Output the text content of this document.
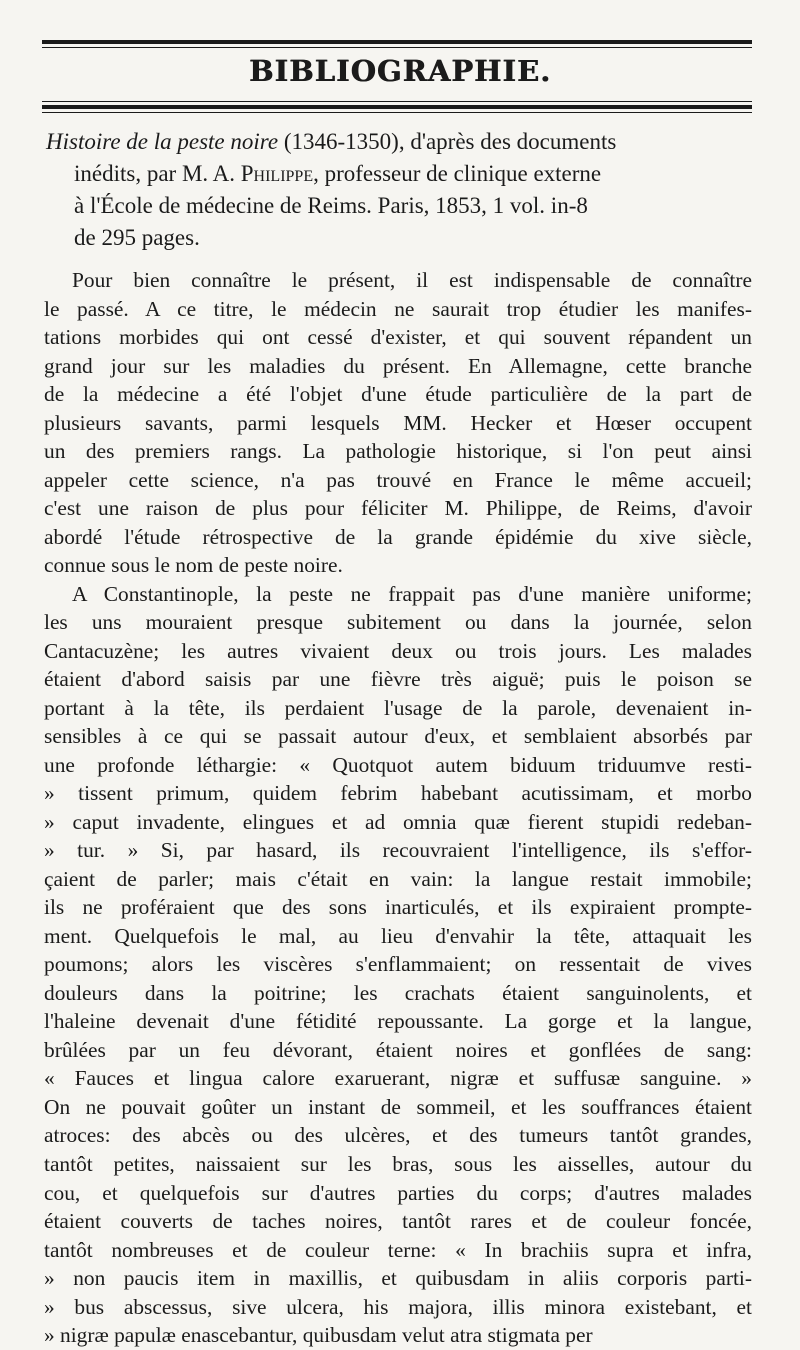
BIBLIOGRAPHIE.
Histoire de la peste noire (1346-1350), d'après des documents
inédits, par M. A. Philippe, professeur de clinique externe
à l'École de médecine de Reims. Paris, 1853, 1 vol. in-8
de 295 pages.
Pour bien connaître le présent, il est indispensable de connaître
le passé. A ce titre, le médecin ne saurait trop étudier les manifes-
tations morbides qui ont cessé d'exister, et qui souvent répandent un
grand jour sur les maladies du présent. En Allemagne, cette branche
de la médecine a été l'objet d'une étude particulière de la part de
plusieurs savants, parmi lesquels MM. Hecker et Hœser occupent
un des premiers rangs. La pathologie historique, si l'on peut ainsi
appeler cette science, n'a pas trouvé en France le même accueil;
c'est une raison de plus pour féliciter M. Philippe, de Reims, d'avoir
abordé l'étude rétrospective de la grande épidémie du xive siècle,
connue sous le nom de peste noire.
A Constantinople, la peste ne frappait pas d'une manière uniforme;
les uns mouraient presque subitement ou dans la journée, selon
Cantacuzène; les autres vivaient deux ou trois jours. Les malades
étaient d'abord saisis par une fièvre très aiguë; puis le poison se
portant à la tête, ils perdaient l'usage de la parole, devenaient in-
sensibles à ce qui se passait autour d'eux, et semblaient absorbés par
une profonde léthargie: « Quotquot autem biduum triduumve resti-
» tissent primum, quidem febrim habebant acutissimam, et morbo
» caput invadente, elingues et ad omnia quæ fierent stupidi redeban-
» tur. » Si, par hasard, ils recouvraient l'intelligence, ils s'effor-
çaient de parler; mais c'était en vain: la langue restait immobile;
ils ne proféraient que des sons inarticulés, et ils expiraient prompte-
ment. Quelquefois le mal, au lieu d'envahir la tête, attaquait les
poumons; alors les viscères s'enflammaient; on ressentait de vives
douleurs dans la poitrine; les crachats étaient sanguinolents, et
l'haleine devenait d'une fétidité repoussante. La gorge et la langue,
brûlées par un feu dévorant, étaient noires et gonflées de sang:
« Fauces et lingua calore exaruerant, nigræ et suffusæ sanguine. »
On ne pouvait goûter un instant de sommeil, et les souffrances étaient
atroces: des abcès ou des ulcères, et des tumeurs tantôt grandes,
tantôt petites, naissaient sur les bras, sous les aisselles, autour du
cou, et quelquefois sur d'autres parties du corps; d'autres malades
étaient couverts de taches noires, tantôt rares et de couleur foncée,
tantôt nombreuses et de couleur terne: « In brachiis supra et infra,
» non paucis item in maxillis, et quibusdam in aliis corporis parti-
» bus abscessus, sive ulcera, his majora, illis minora existebant, et
» nigræ papulæ enascebantur, quibusdam velut atra stigmata per
